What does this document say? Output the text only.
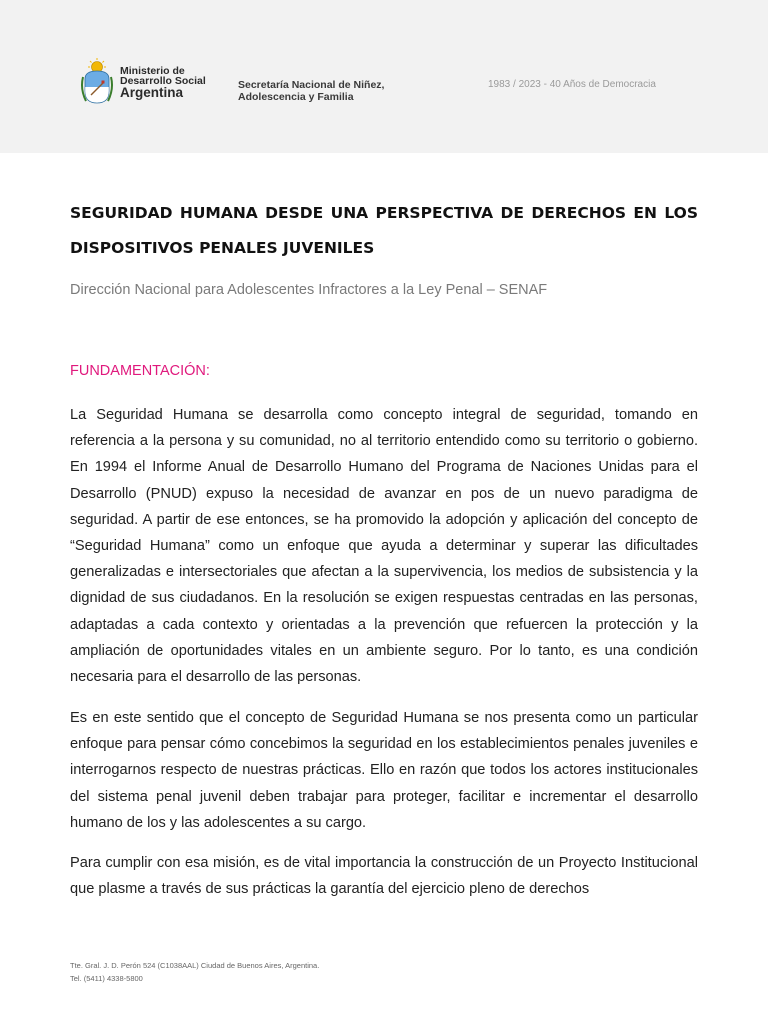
Ministerio de
Desarrollo Social
Argentina	Secretaría Nacional de Niñez,
Adolescencia y Familia
1983 / 2023 - 40 Años de Democracia
SEGURIDAD HUMANA DESDE UNA PERSPECTIVA DE DERECHOS EN LOS DISPOSITIVOS PENALES JUVENILES

Dirección Nacional para Adolescentes Infractores a la Ley Penal – SENAF

FUNDAMENTACIÓN:

La Seguridad Humana se desarrolla como concepto integral de seguridad, tomando en referencia a la persona y su comunidad, no al territorio entendido como su territorio o gobierno. En 1994 el Informe Anual de Desarrollo Humano del Programa de Naciones Unidas para el Desarrollo (PNUD) expuso la necesidad de avanzar en pos de un nuevo paradigma de seguridad. A partir de ese entonces, se ha promovido la adopción y aplicación del concepto de “Seguridad Humana” como un enfoque que ayuda a determinar y superar las dificultades generalizadas e intersectoriales que afectan a la supervivencia, los medios de subsistencia y la dignidad de sus ciudadanos. En la resolución se exigen respuestas centradas en las personas, adaptadas a cada contexto y orientadas a la prevención que refuercen la protección y la ampliación de oportunidades vitales en un ambiente seguro. Por lo tanto, es una condición necesaria para el desarrollo de las personas.

Es en este sentido que el concepto de Seguridad Humana se nos presenta como un particular enfoque para pensar cómo concebimos la seguridad en los establecimientos penales juveniles e interrogarnos respecto de nuestras prácticas. Ello en razón que todos los actores institucionales del sistema penal juvenil deben trabajar para proteger, facilitar e incrementar el desarrollo humano de los y las adolescentes a su cargo.

Para cumplir con esa misión, es de vital importancia la construcción de un Proyecto Institucional que plasme a través de sus prácticas la garantía del ejercicio pleno de derechos

Tte. Gral. J. D. Perón 524 (C1038AAL) Ciudad de Buenos Aires, Argentina.
Tel. (5411) 4338-5800
